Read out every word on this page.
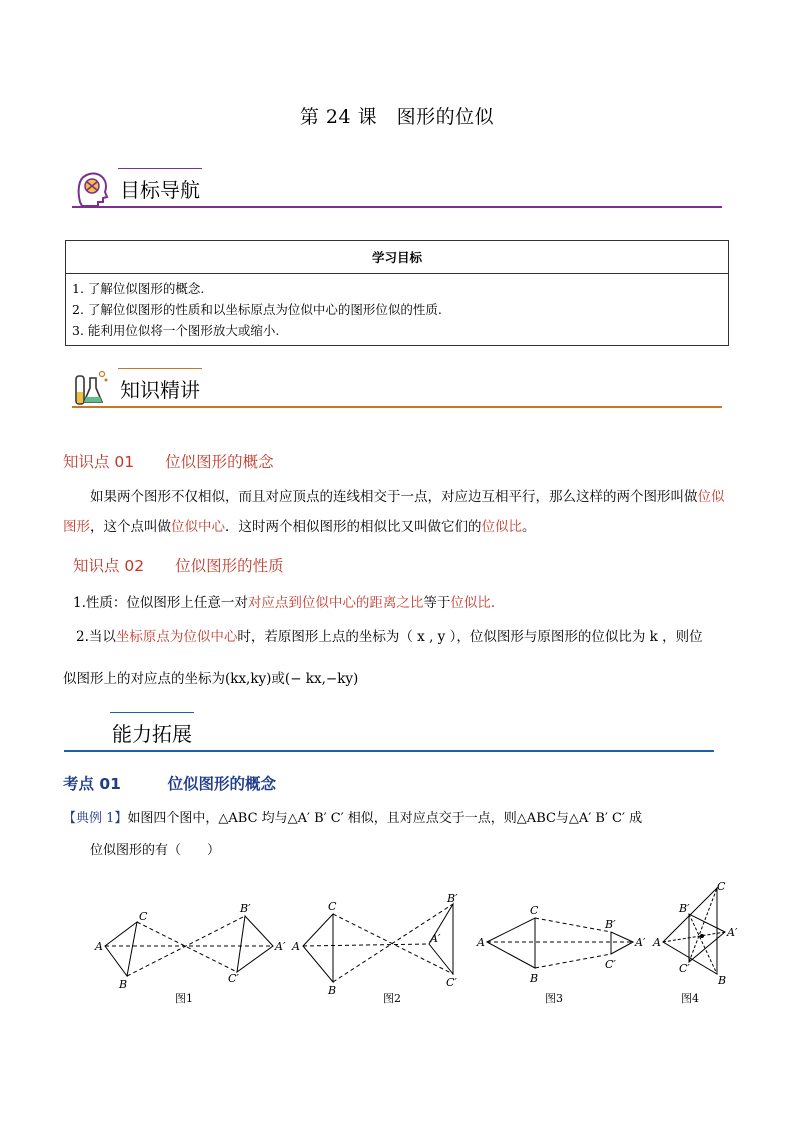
第 24 课　图形的位似
目标导航
学习目标

1. 了解位似图形的概念.
2. 了解位似图形的性质和以坐标原点为位似中心的图形位似的性质.
3. 能利用位似将一个图形放大或缩小.
知识精讲
知识点 01　　位似图形的概念
如果两个图形不仅相似，而且对应顶点的连线相交于一点，对应边互相平行，那么这样的两个图形叫做位似图形，这个点叫做位似中心．这时两个相似图形的相似比又叫做它们的位似比。
知识点 02　　位似图形的性质
1.性质：位似图形上任意一对对应点到位似中心的距离之比等于位似比.
2.当以坐标原点为位似中心时，若原图形上点的坐标为（ x , y ），位似图形与原图形的位似比为 k ，则位
似图形上的对应点的坐标为(kx,ky)或(− kx,−ky)
能力拓展
考点 01　　　位似图形的概念
【典例 1】如图四个图中，△ABC 均与△A′ B′ C′ 相似，且对应点交于一点，则△ABC与△A′ B′ C′ 成
位似图形的有（　　）
A
C
B
B′
A′
C′
图1
A
C
B
B′
A′
C′
图2
A
C
B
B′
A′
C′
图3
A
C
B
B′
A′
C′
图4
